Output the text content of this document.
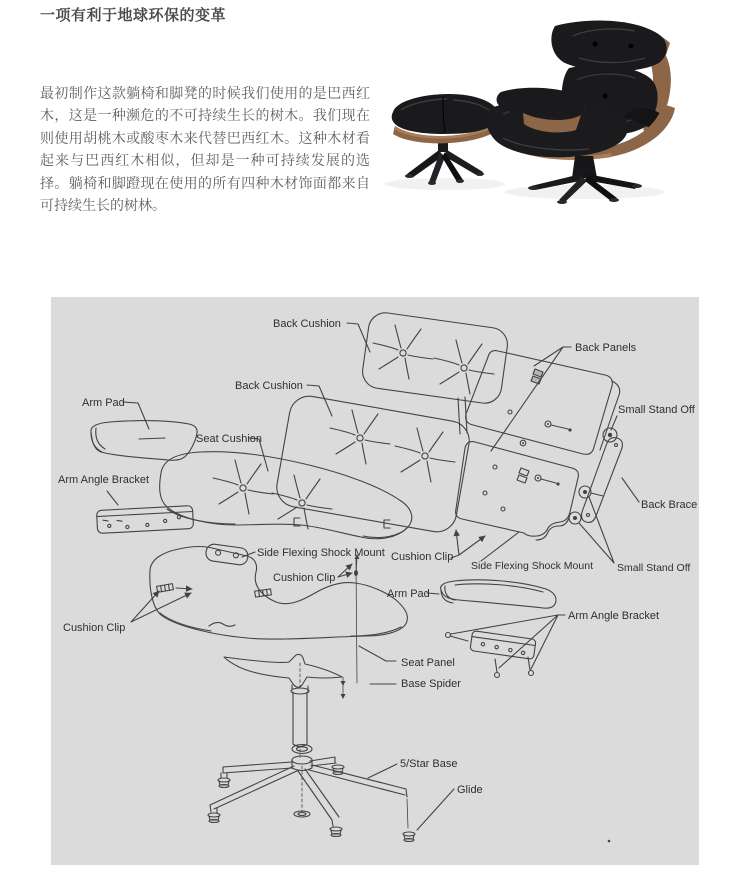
一项有利于地球环保的变革

最初制作这款躺椅和脚凳的时候我们使用的是巴西红木，这是一种濒危的不可持续生长的树木。我们现在则使用胡桃木或酸枣木来代替巴西红木。这种木材看起来与巴西红木相似，但却是一种可持续发展的选择。躺椅和脚蹬现在使用的所有四种木材饰面都来自可持续生长的树林。

Back Cushion
Back Cushion
Back Panels
Small Stand Off
Back Brace
Small Stand Off
Side Flexing Shock Mount
Cushion Clip
Arm Pad
Seat Cushion
Arm Angle Bracket
Side Flexing Shock Mount
Cushion Clip
Cushion Clip
Arm Pad
Arm Angle Bracket
Seat Panel
Base Spider
5/Star Base
Glide
